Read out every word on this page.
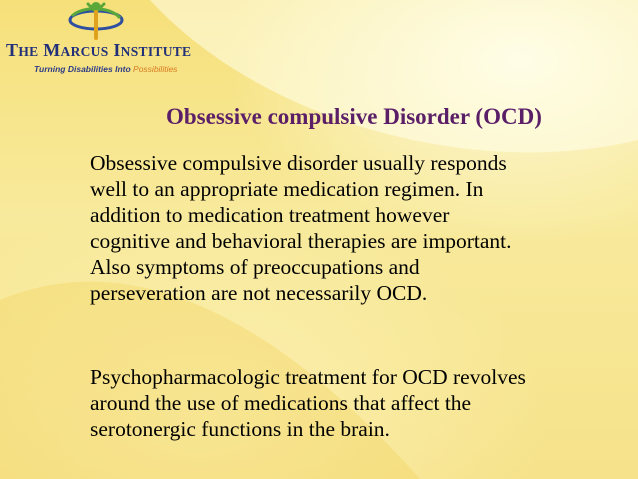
THE MARCUS INSTITUTE
Turning Disabilities Into Possibilities
Obsessive compulsive Disorder (OCD)

Obsessive compulsive disorder usually responds
well to an appropriate medication regimen. In
addition to medication treatment however
cognitive and behavioral therapies are important.
Also symptoms of preoccupations and
perseveration are not necessarily OCD.

Psychopharmacologic treatment for OCD revolves
around the use of medications that affect the
serotonergic functions in the brain.
